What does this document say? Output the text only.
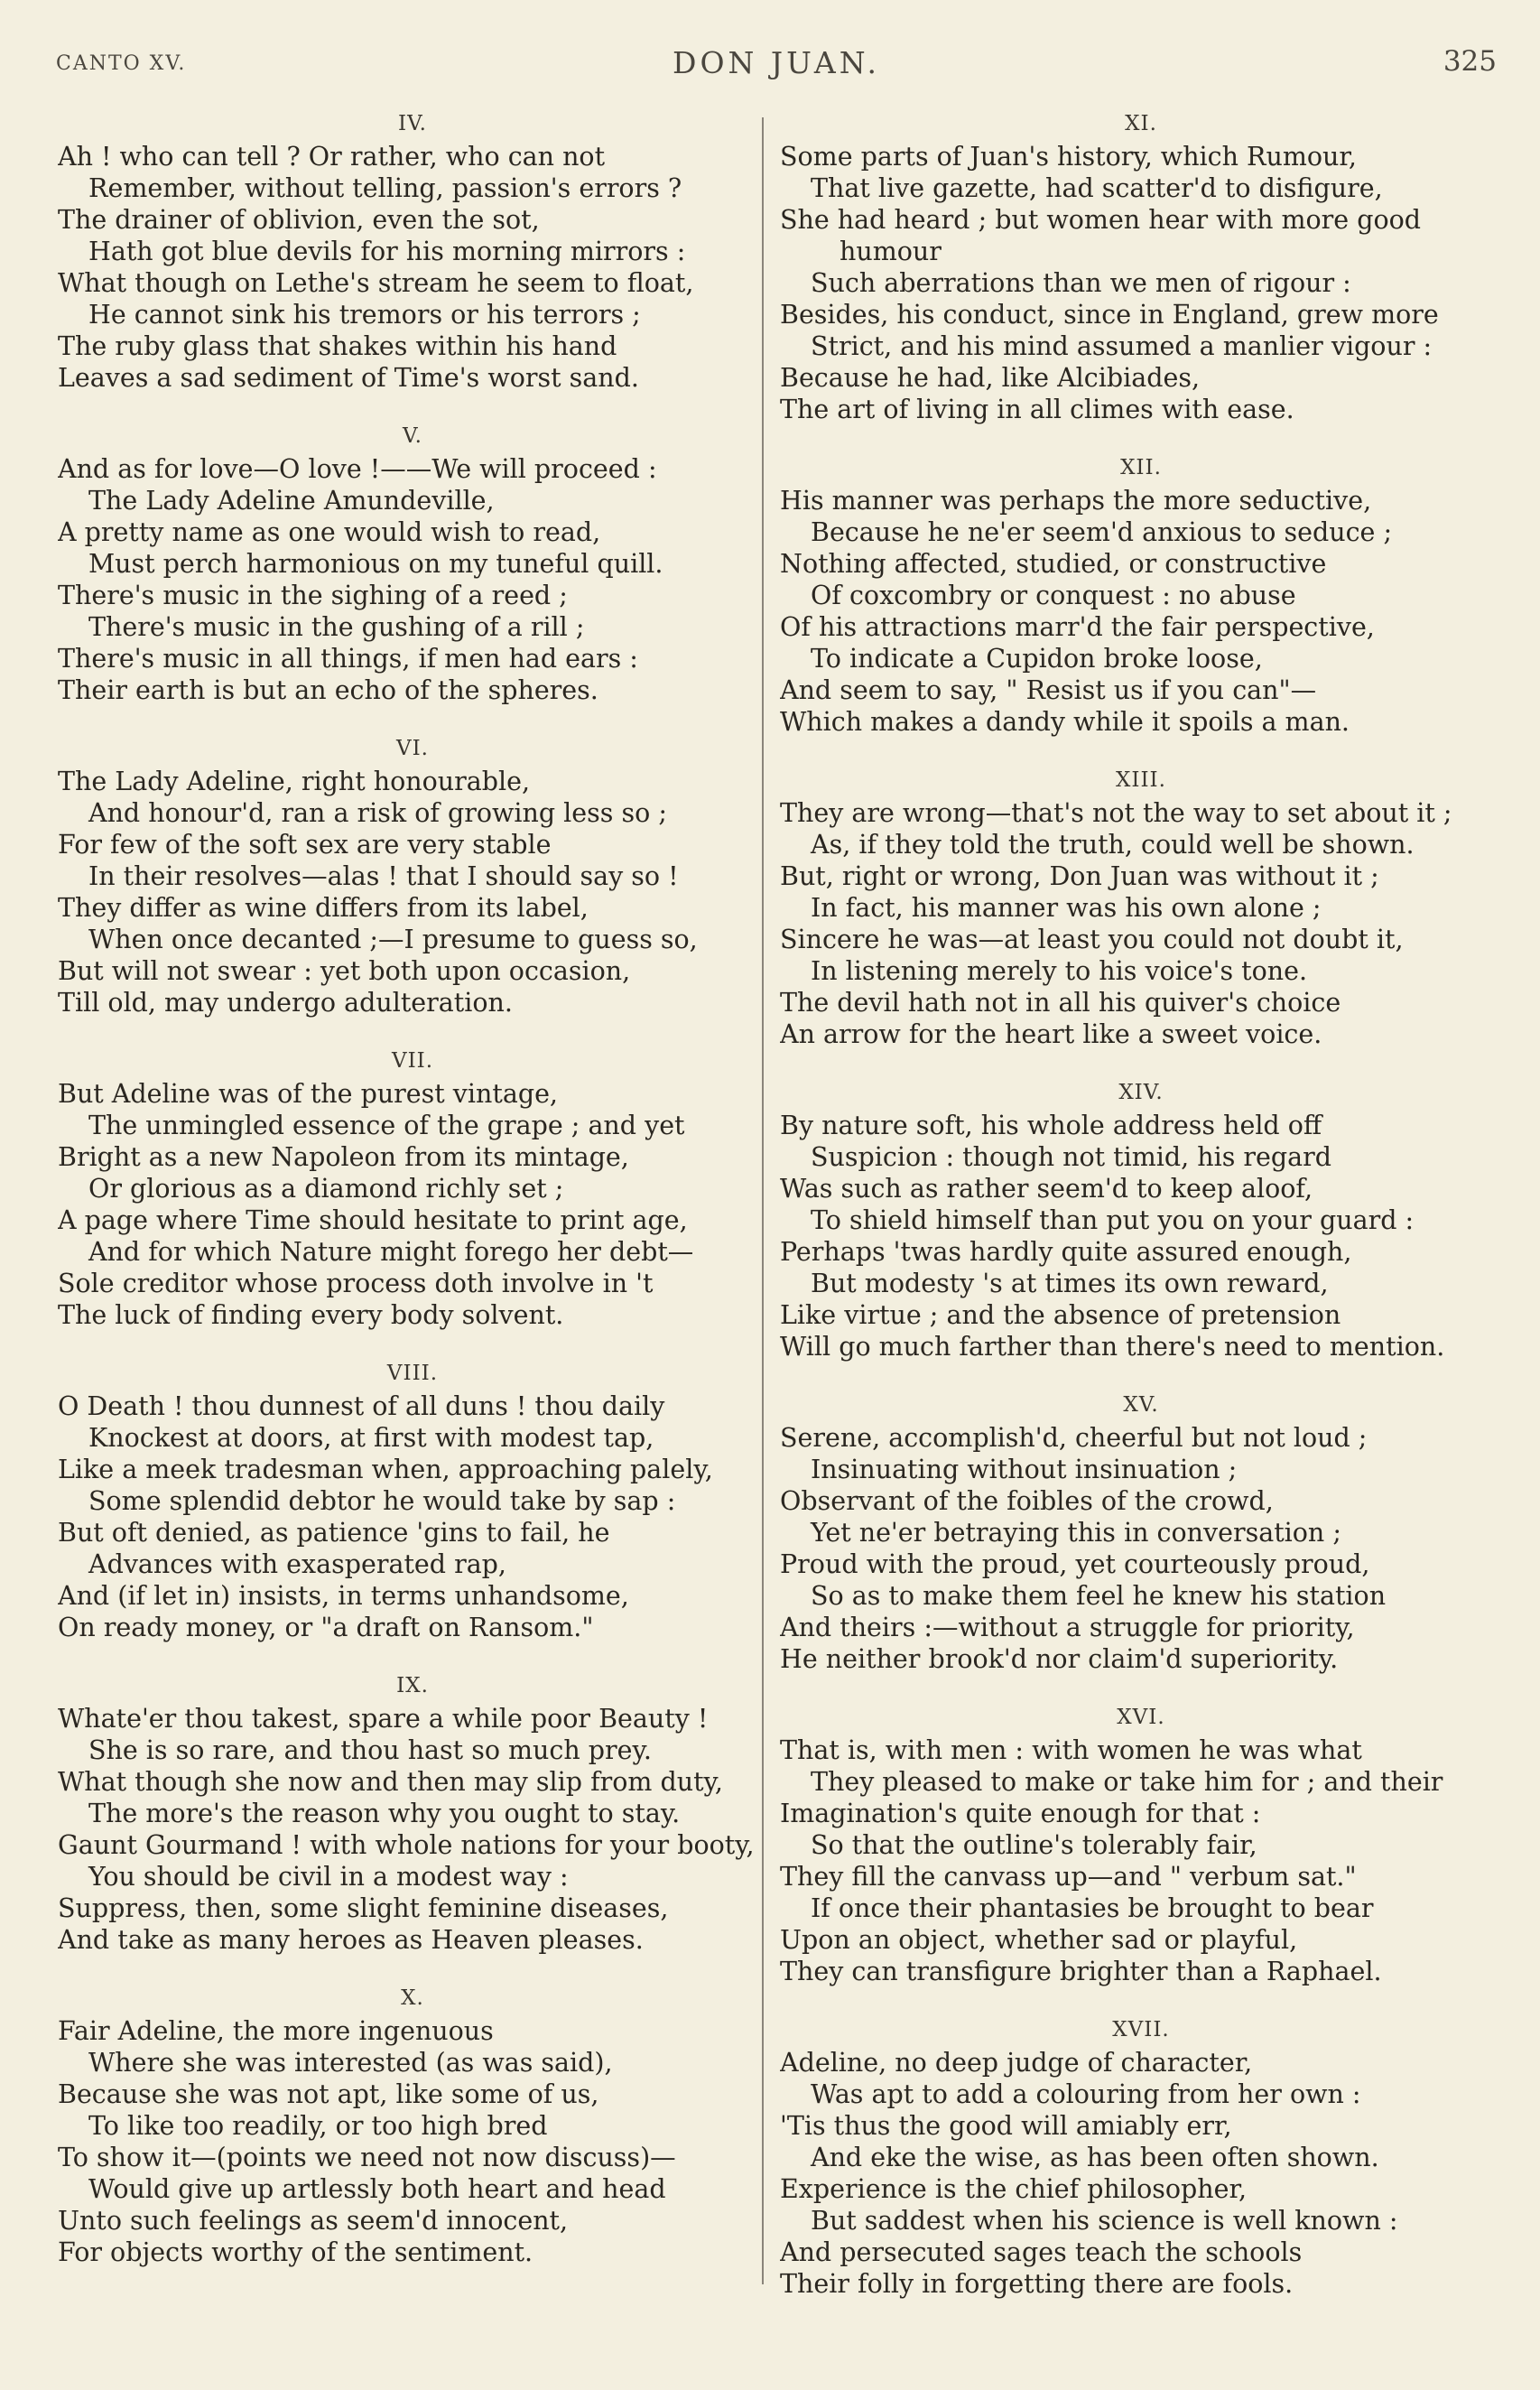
CANTO XV.	DON JUAN.	325
IV.
Ah ! who can tell ? Or rather, who can not
Remember, without telling, passion's errors ?
The drainer of oblivion, even the sot,
Hath got blue devils for his morning mirrors :
What though on Lethe's stream he seem to float,
He cannot sink his tremors or his terrors ;
The ruby glass that shakes within his hand
Leaves a sad sediment of Time's worst sand.
V.
And as for love—O love !——We will proceed :
The Lady Adeline Amundeville,
A pretty name as one would wish to read,
Must perch harmonious on my tuneful quill.
There's music in the sighing of a reed ;
There's music in the gushing of a rill ;
There's music in all things, if men had ears :
Their earth is but an echo of the spheres.
VI.
The Lady Adeline, right honourable,
And honour'd, ran a risk of growing less so ;
For few of the soft sex are very stable
In their resolves—alas ! that I should say so !
They differ as wine differs from its label,
When once decanted ;—I presume to guess so,
But will not swear : yet both upon occasion,
Till old, may undergo adulteration.
VII.
But Adeline was of the purest vintage,
The unmingled essence of the grape ; and yet
Bright as a new Napoleon from its mintage,
Or glorious as a diamond richly set ;
A page where Time should hesitate to print age,
And for which Nature might forego her debt—
Sole creditor whose process doth involve in 't
The luck of finding every body solvent.
VIII.
O Death ! thou dunnest of all duns ! thou daily
Knockest at doors, at first with modest tap,
Like a meek tradesman when, approaching palely,
Some splendid debtor he would take by sap :
But oft denied, as patience 'gins to fail, he
Advances with exasperated rap,
And (if let in) insists, in terms unhandsome,
On ready money, or "a draft on Ransom."
IX.
Whate'er thou takest, spare a while poor Beauty !
She is so rare, and thou hast so much prey.
What though she now and then may slip from duty,
The more's the reason why you ought to stay.
Gaunt Gourmand ! with whole nations for your booty,
You should be civil in a modest way :
Suppress, then, some slight feminine diseases,
And take as many heroes as Heaven pleases.
X.
Fair Adeline, the more ingenuous
Where she was interested (as was said),
Because she was not apt, like some of us,
To like too readily, or too high bred
To show it—(points we need not now discuss)—
Would give up artlessly both heart and head
Unto such feelings as seem'd innocent,
For objects worthy of the sentiment.
XI.
Some parts of Juan's history, which Rumour,
That live gazette, had scatter'd to disfigure,
She had heard ; but women hear with more good
humour
Such aberrations than we men of rigour :
Besides, his conduct, since in England, grew more
Strict, and his mind assumed a manlier vigour :
Because he had, like Alcibiades,
The art of living in all climes with ease.
XII.
His manner was perhaps the more seductive,
Because he ne'er seem'd anxious to seduce ;
Nothing affected, studied, or constructive
Of coxcombry or conquest : no abuse
Of his attractions marr'd the fair perspective,
To indicate a Cupidon broke loose,
And seem to say, " Resist us if you can"—
Which makes a dandy while it spoils a man.
XIII.
They are wrong—that's not the way to set about it ;
As, if they told the truth, could well be shown.
But, right or wrong, Don Juan was without it ;
In fact, his manner was his own alone ;
Sincere he was—at least you could not doubt it,
In listening merely to his voice's tone.
The devil hath not in all his quiver's choice
An arrow for the heart like a sweet voice.
XIV.
By nature soft, his whole address held off
Suspicion : though not timid, his regard
Was such as rather seem'd to keep aloof,
To shield himself than put you on your guard :
Perhaps 'twas hardly quite assured enough,
But modesty 's at times its own reward,
Like virtue ; and the absence of pretension
Will go much farther than there's need to mention.
XV.
Serene, accomplish'd, cheerful but not loud ;
Insinuating without insinuation ;
Observant of the foibles of the crowd,
Yet ne'er betraying this in conversation ;
Proud with the proud, yet courteously proud,
So as to make them feel he knew his station
And theirs :—without a struggle for priority,
He neither brook'd nor claim'd superiority.
XVI.
That is, with men : with women he was what
They pleased to make or take him for ; and their
Imagination's quite enough for that :
So that the outline's tolerably fair,
They fill the canvass up—and " verbum sat."
If once their phantasies be brought to bear
Upon an object, whether sad or playful,
They can transfigure brighter than a Raphael.
XVII.
Adeline, no deep judge of character,
Was apt to add a colouring from her own :
'Tis thus the good will amiably err,
And eke the wise, as has been often shown.
Experience is the chief philosopher,
But saddest when his science is well known :
And persecuted sages teach the schools
Their folly in forgetting there are fools.
